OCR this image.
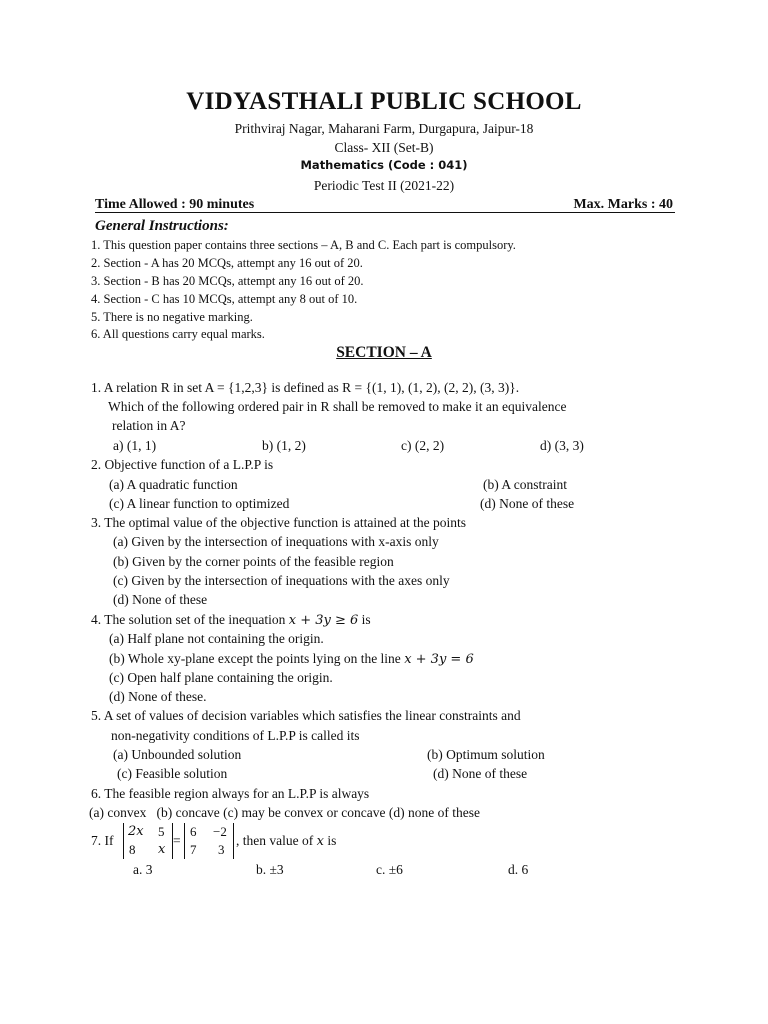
VIDYASTHALI PUBLIC SCHOOL
Prithviraj Nagar, Maharani Farm, Durgapura, Jaipur-18
Class- XII (Set-B)
Mathematics (Code : 041)
Periodic Test II (2021-22)
Time Allowed : 90 minutes	Max. Marks : 40
General Instructions:
1. This question paper contains three sections – A, B and C. Each part is compulsory.
2. Section - A has 20 MCQs, attempt any 16 out of 20.
3. Section - B has 20 MCQs, attempt any 16 out of 20.
4. Section - C has 10 MCQs, attempt any 8 out of 10.
5. There is no negative marking.
6. All questions carry equal marks.
SECTION – A
1. A relation R in set A = {1,2,3} is defined as R = {(1, 1), (1, 2), (2, 2), (3, 3)}.
Which of the following ordered pair in R shall be removed to make it an equivalence
relation in A?
a) (1, 1)	b) (1, 2)	c) (2, 2)	d) (3, 3)
2. Objective function of a L.P.P is
(a) A quadratic function	(b) A constraint
(c) A linear function to optimized	(d) None of these
3. The optimal value of the objective function is attained at the points
(a) Given by the intersection of inequations with x-axis only
(b) Given by the corner points of the feasible region
(c) Given by the intersection of inequations with the axes only
(d) None of these
4. The solution set of the inequation x + 3y ≥ 6 is
(a) Half plane not containing the origin.
(b) Whole xy-plane except the points lying on the line x + 3y = 6
(c) Open half plane containing the origin.
(d) None of these.
5. A set of values of decision variables which satisfies the linear constraints and
non-negativity conditions of L.P.P is called its
(a) Unbounded solution	(b) Optimum solution
(c) Feasible solution	(d) None of these
6. The feasible region always for an L.P.P is always
(a) convex   (b) concave (c) may be convex or concave (d) none of these
7. If
2x 5
8 x
=
6 −2
7 3
, then value of x is
a. 3	b. ±3	c. ±6	d. 6
